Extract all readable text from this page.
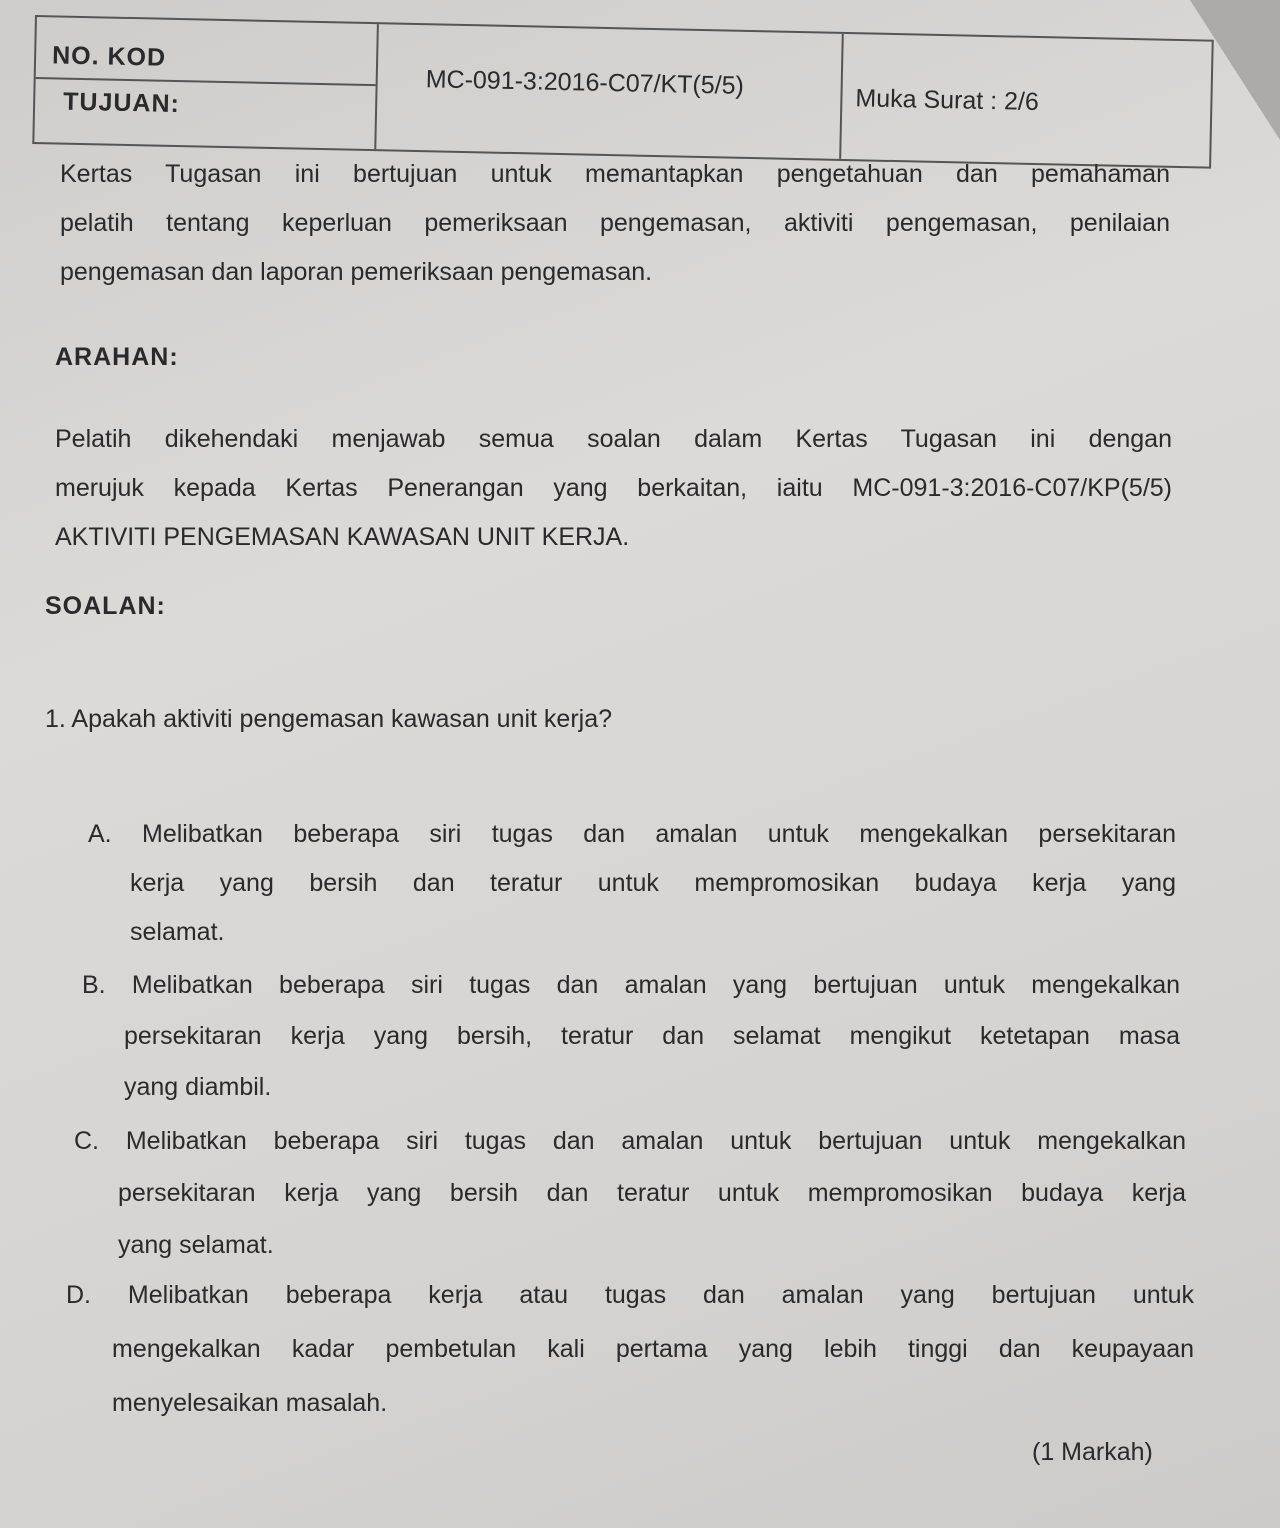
NO. KOD
MC-091-3:2016-C07/KT(5/5)
Muka Surat : 2/6
TUJUAN:
Kertas Tugasan ini bertujuan untuk memantapkan pengetahuan dan pemahaman
pelatih tentang keperluan pemeriksaan pengemasan, aktiviti pengemasan, penilaian
pengemasan dan laporan pemeriksaan pengemasan.
ARAHAN:
Pelatih dikehendaki menjawab semua soalan dalam Kertas Tugasan ini dengan
merujuk kepada Kertas Penerangan yang berkaitan, iaitu MC-091-3:2016-C07/KP(5/5)
AKTIVITI PENGEMASAN KAWASAN UNIT KERJA.
SOALAN:
1. Apakah aktiviti pengemasan kawasan unit kerja?
A. Melibatkan beberapa siri tugas dan amalan untuk mengekalkan persekitaran
kerja yang bersih dan teratur untuk mempromosikan budaya kerja yang
selamat.
B. Melibatkan beberapa siri tugas dan amalan yang bertujuan untuk mengekalkan
persekitaran kerja yang bersih, teratur dan selamat mengikut ketetapan masa
yang diambil.
C. Melibatkan beberapa siri tugas dan amalan untuk bertujuan untuk mengekalkan
persekitaran kerja yang bersih dan teratur untuk mempromosikan budaya kerja
yang selamat.
D. Melibatkan beberapa kerja atau tugas dan amalan yang bertujuan untuk
mengekalkan kadar pembetulan kali pertama yang lebih tinggi dan keupayaan
menyelesaikan masalah.
(1 Markah)
